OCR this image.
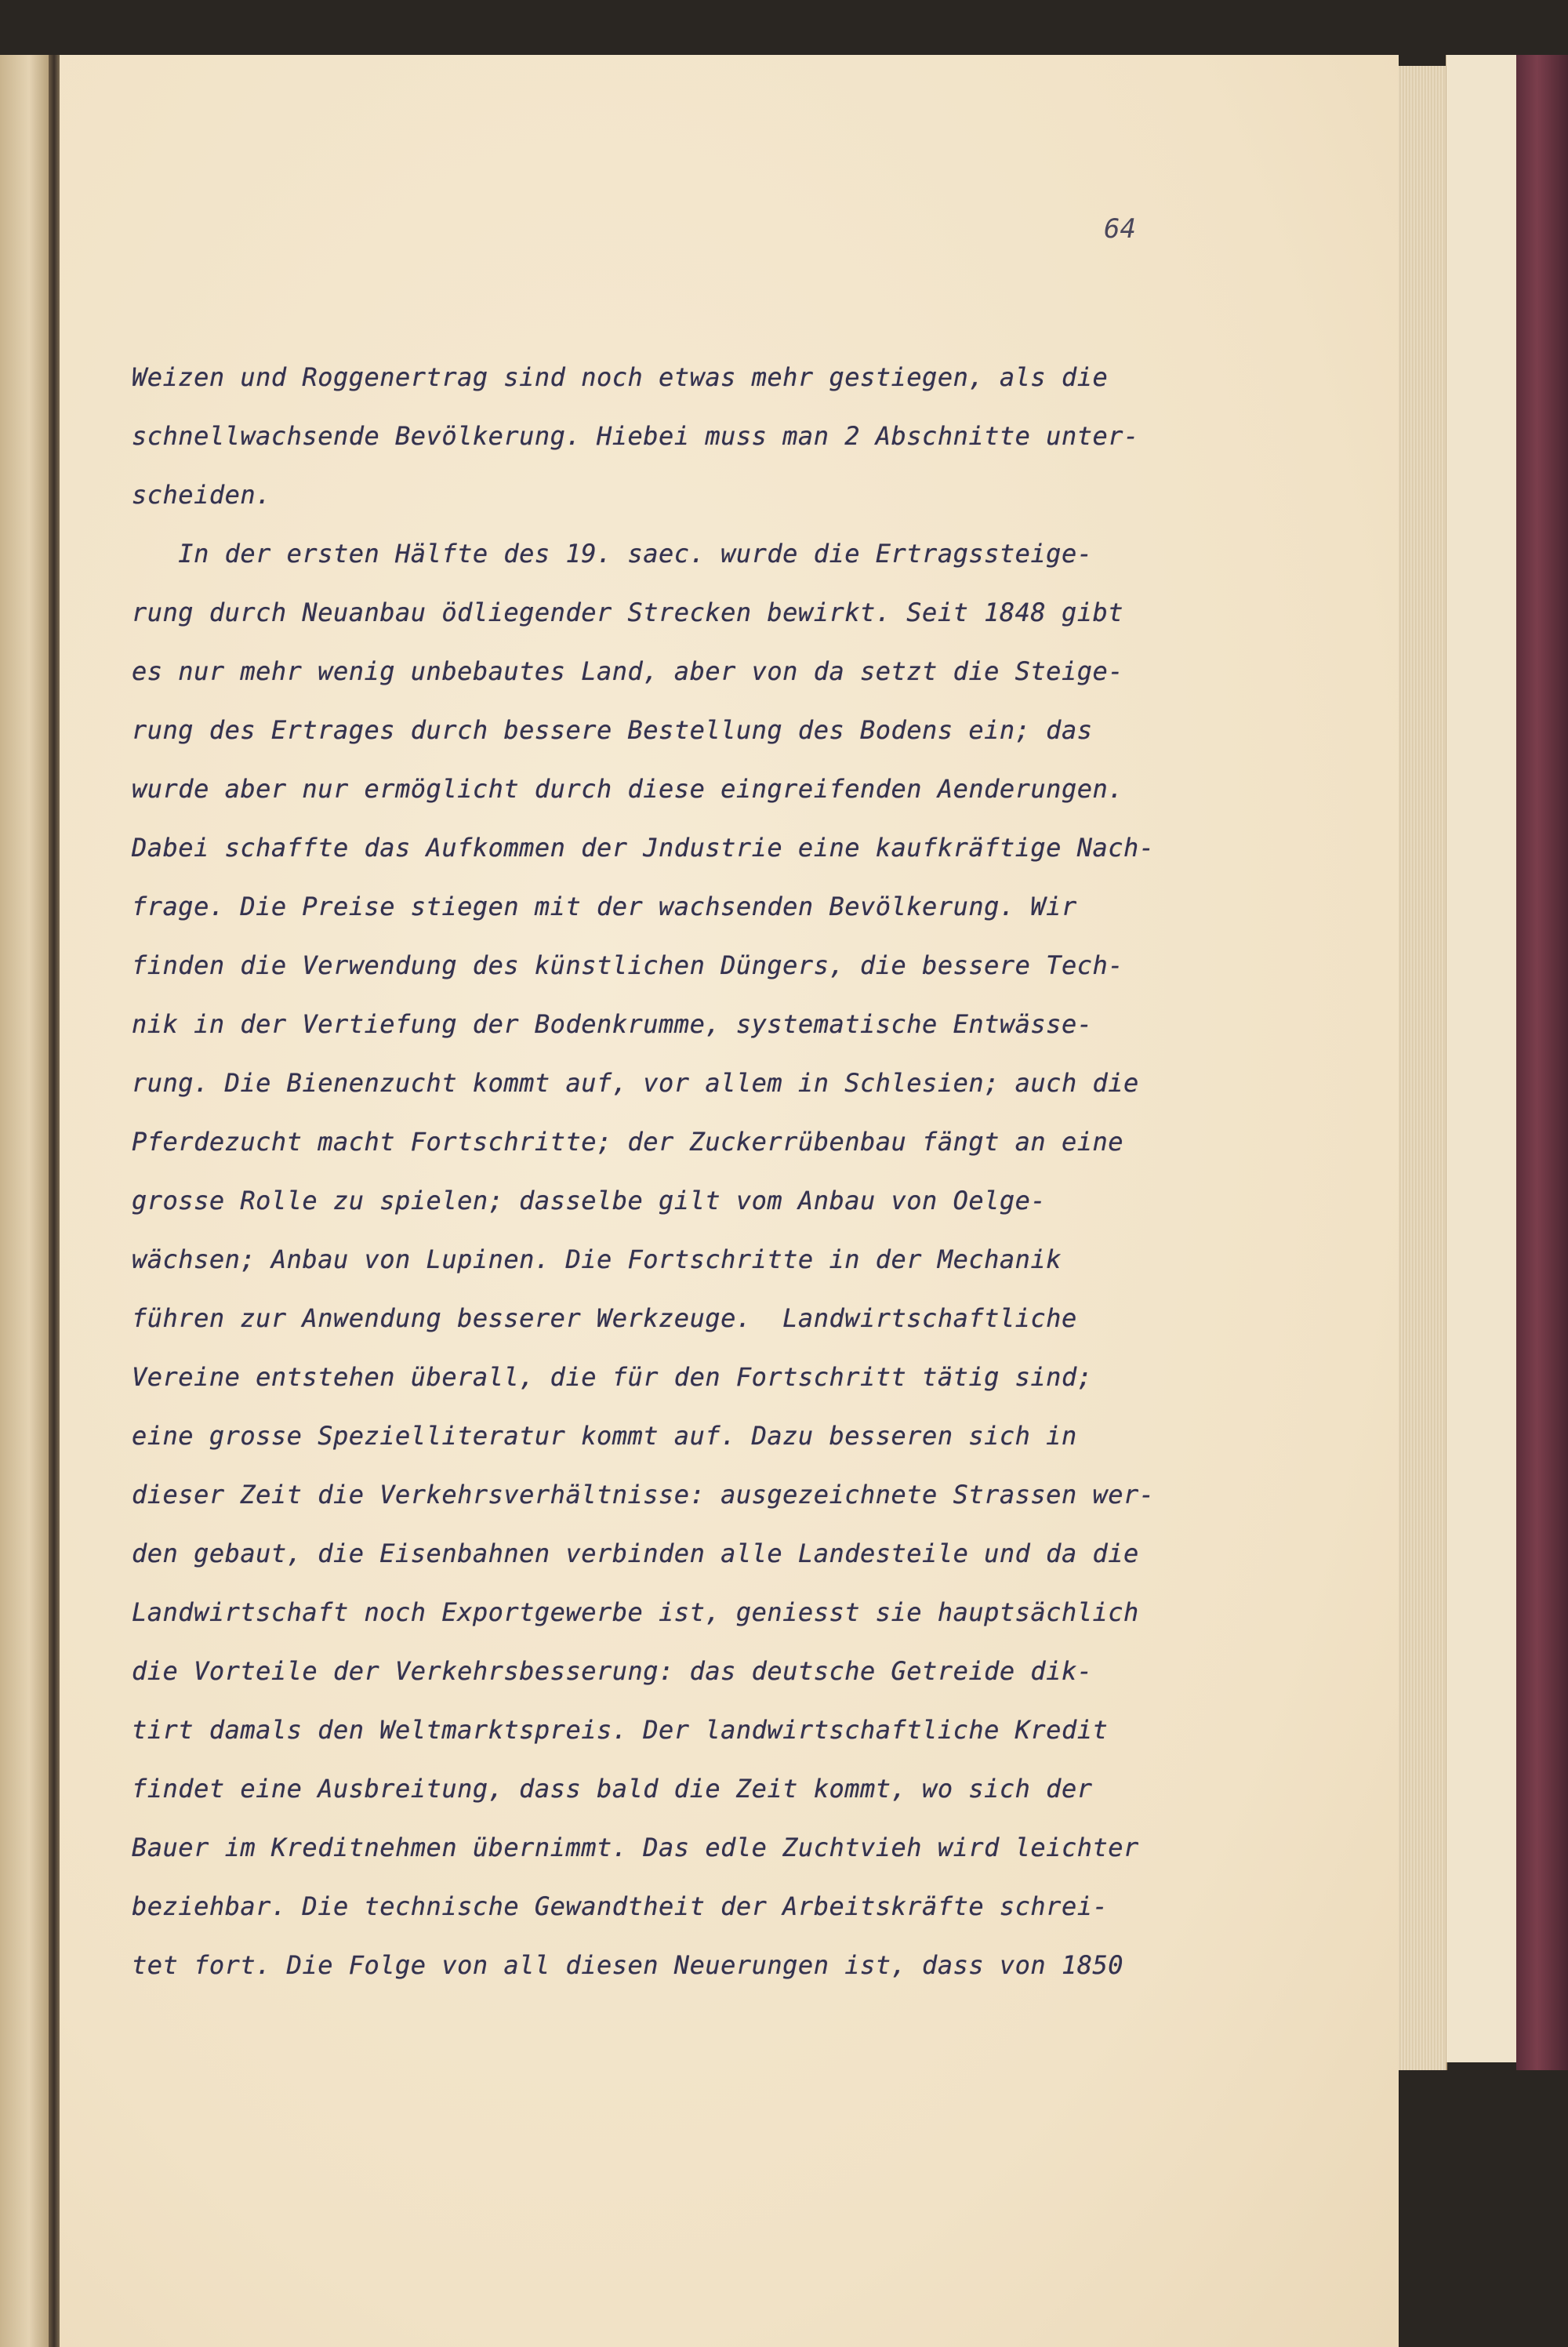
64
Weizen und Roggenertrag sind noch etwas mehr gestiegen, als die
schnellwachsende Bevölkerung. Hiebei muss man 2 Abschnitte unter-
scheiden.
In der ersten Hälfte des 19. saec. wurde die Ertragssteige-
rung durch Neuanbau ödliegender Strecken bewirkt. Seit 1848 gibt
es nur mehr wenig unbebautes Land, aber von da setzt die Steige-
rung des Ertrages durch bessere Bestellung des Bodens ein; das
wurde aber nur ermöglicht durch diese eingreifenden Aenderungen.
Dabei schaffte das Aufkommen der Jndustrie eine kaufkräftige Nach-
frage. Die Preise stiegen mit der wachsenden Bevölkerung. Wir
finden die Verwendung des künstlichen Düngers, die bessere Tech-
nik in der Vertiefung der Bodenkrumme, systematische Entwässe-
rung. Die Bienenzucht kommt auf, vor allem in Schlesien; auch die
Pferdezucht macht Fortschritte; der Zuckerrübenbau fängt an eine
grosse Rolle zu spielen; dasselbe gilt vom Anbau von Oelge-
wächsen; Anbau von Lupinen. Die Fortschritte in der Mechanik
führen zur Anwendung besserer Werkzeuge.  Landwirtschaftliche
Vereine entstehen überall, die für den Fortschritt tätig sind;
eine grosse Spezielliteratur kommt auf. Dazu besseren sich in
dieser Zeit die Verkehrsverhältnisse: ausgezeichnete Strassen wer-
den gebaut, die Eisenbahnen verbinden alle Landesteile und da die
Landwirtschaft noch Exportgewerbe ist, geniesst sie hauptsächlich
die Vorteile der Verkehrsbesserung: das deutsche Getreide dik-
tirt damals den Weltmarktspreis. Der landwirtschaftliche Kredit
findet eine Ausbreitung, dass bald die Zeit kommt, wo sich der
Bauer im Kreditnehmen übernimmt. Das edle Zuchtvieh wird leichter
beziehbar. Die technische Gewandtheit der Arbeitskräfte schrei-
tet fort. Die Folge von all diesen Neuerungen ist, dass von 1850
